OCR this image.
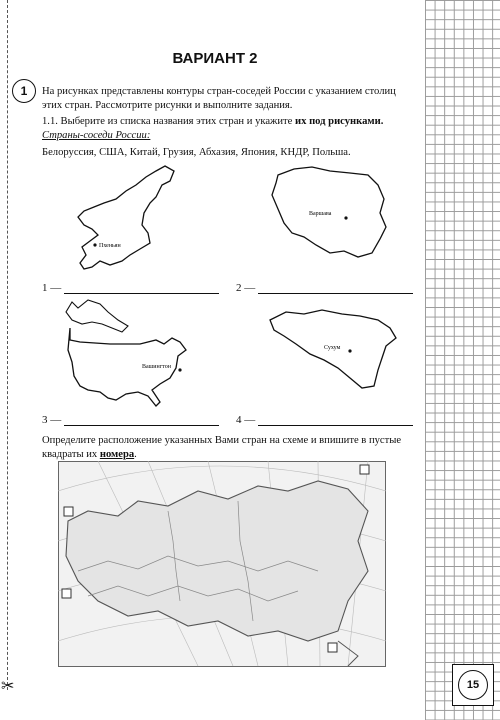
✂
ВАРИАНТ 2
1	На рисунках представлены контуры стран-соседей России с указанием столиц этих стран. Рассмотрите рисунки и выполните задания.
1.1. Выберите из списка названия этих стран и укажите их под рисунками.
Страны-соседи России:
Белоруссия, США, Китай, Грузия, Абхазия, Япония, КНДР, Польша.
Пхеньян
1 —
Варшава
2 —
Вашингтон
3 —
Сухум
4 —
Определите расположение указанных Вами стран на схеме и впишите в пустые квадраты их номера.
15
